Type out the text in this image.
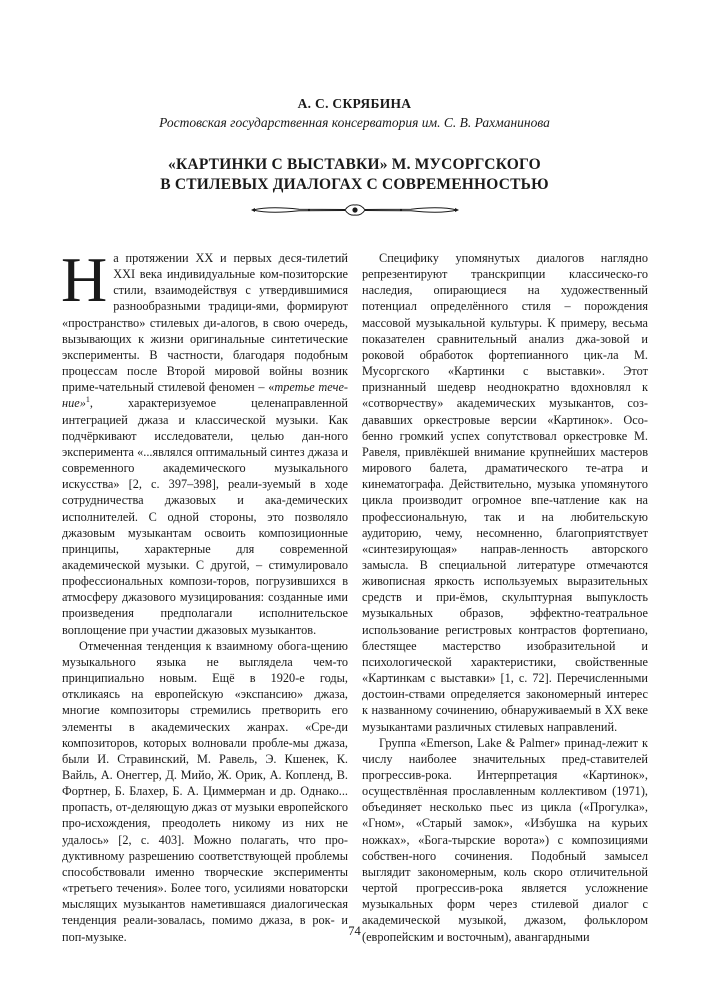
А. С. СКРЯБИНА
Ростовская государственная консерватория им. С. В. Рахманинова
«КАРТИНКИ С ВЫСТАВКИ» М. МУСОРГСКОГО
В СТИЛЕВЫХ ДИАЛОГАХ С СОВРЕМЕННОСТЬЮ

На протяжении XX и первых деся-тилетий XXI века индивидуальные ком-позиторские стили, взаимодействуя с утвердившимися разнообразными традици-ями, формируют «пространство» стилевых ди-алогов, в свою очередь, вызывающих к жизни оригинальные синтетические эксперименты. В частности, благодаря подобным процессам после Второй мировой войны возник приме-чательный стилевой феномен – «третье тече-ние»$^1$, характеризуемое целенаправленной интеграцией джаза и классической музыки. Как подчёркивают исследователи, целью дан-ного эксперимента «...являлся оптимальный синтез джаза и современного академического музыкального искусства» [2, с. 397–398], реали-зуемый в ходе сотрудничества джазовых и ака-демических исполнителей. С одной стороны, это позволяло джазовым музыкантам освоить композиционные принципы, характерные для современной академической музыки. С другой, – стимулировало профессиональных компози-торов, погрузившихся в атмосферу джазового музицирования: созданные ими произведения предполагали исполнительское воплощение при участии джазовых музыкантов.

Отмеченная тенденция к взаимному обога-щению музыкального языка не выглядела чем-то принципиально новым. Ещё в 1920-е годы, откликаясь на европейскую «экспансию» джаза, многие композиторы стремились претворить его элементы в академических жанрах. «Сре-ди композиторов, которых волновали пробле-мы джаза, были И. Стравинский, М. Равель, Э. Кшенек, К. Вайль, А. Онеггер, Д. Мийо, Ж. Орик, А. Копленд, В. Фортнер, Б. Блахер, Б. А. Циммерман и др. Однако... пропасть, от-деляющую джаз от музыки европейского про-исхождения, преодолеть никому из них не удалось» [2, с. 403]. Можно полагать, что про-дуктивному разрешению соответствующей проблемы способствовали именно творческие эксперименты «третьего течения». Более того, усилиями новаторски мыслящих музыкантов наметившаяся диалогическая тенденция реали-зовалась, помимо джаза, в рок- и поп-музыке.

Специфику упомянутых диалогов наглядно репрезентируют транскрипции классическо-го наследия, опирающиеся на художественный потенциал определённого стиля – порождения массовой музыкальной культуры. К примеру, весьма показателен сравнительный анализ джа-зовой и роковой обработок фортепианного цик-ла М. Мусоргского «Картинки с выставки». Этот признанный шедевр неоднократно вдохновлял к «сотворчеству» академических музыкантов, соз-дававших оркестровые версии «Картинок». Осо-бенно громкий успех сопутствовал оркестровке М. Равеля, привлёкшей внимание крупнейших мастеров мирового балета, драматического те-атра и кинематографа. Действительно, музыка упомянутого цикла производит огромное впе-чатление как на профессиональную, так и на любительскую аудиторию, чему, несомненно, благоприятствует «синтезирующая» направ-ленность авторского замысла. В специальной литературе отмечаются живописная яркость используемых выразительных средств и при-ёмов, скульптурная выпуклость музыкальных образов, эффектно-театральное использование регистровых контрастов фортепиано, блестящее мастерство изобразительной и психологической характеристики, свойственные «Картинкам с выставки» [1, с. 72]. Перечисленными достоин-ствами определяется закономерный интерес к названному сочинению, обнаруживаемый в XX веке музыкантами различных стилевых направлений.

Группа «Emerson, Lake & Palmer» принад-лежит к числу наиболее значительных пред-ставителей прогрессив-рока. Интерпретация «Картинок», осуществлённая прославленным коллективом (1971), объединяет несколько пьес из цикла («Прогулка», «Гном», «Старый замок», «Избушка на курьих ножках», «Бога-тырские ворота») с композициями собствен-ного сочинения. Подобный замысел выглядит закономерным, коль скоро отличительной чертой прогрессив-рока является усложнение музыкальных форм через стилевой диалог с академической музыкой, джазом, фольклором (европейским и восточным), авангардными

74
